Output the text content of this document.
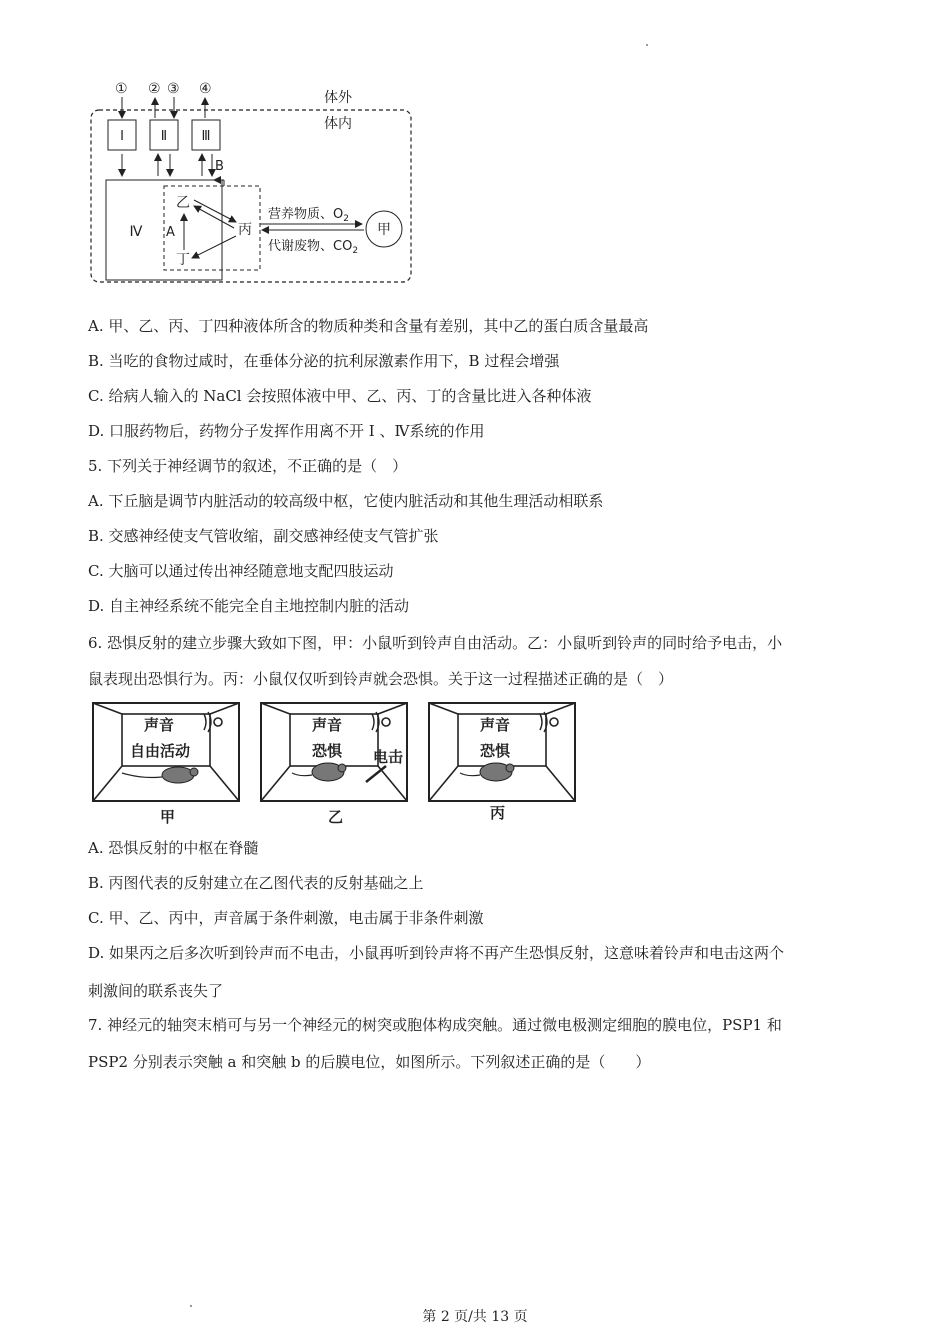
体外
体内
① ② ③ ④
Ⅰ	Ⅱ	Ⅲ
B
Ⅳ
乙
丙
丁
A
营养物质、$O_2$
代谢废物、$CO_2$
甲
A. 甲、乙、丙、丁四种液体所含的物质种类和含量有差别，其中乙的蛋白质含量最高
B. 当吃的食物过咸时，在垂体分泌的抗利尿激素作用下，B 过程会增强
C. 给病人输入的 NaCl 会按照体液中甲、乙、丙、丁的含量比进入各种体液
D. 口服药物后，药物分子发挥作用离不开 Ⅰ 、Ⅳ系统的作用
5. 下列关于神经调节的叙述，不正确的是（　）
A. 下丘脑是调节内脏活动的较高级中枢，它使内脏活动和其他生理活动相联系
B. 交感神经使支气管收缩，副交感神经使支气管扩张
C. 大脑可以通过传出神经随意地支配四肢运动
D. 自主神经系统不能完全自主地控制内脏的活动
6. 恐惧反射的建立步骤大致如下图，甲：小鼠听到铃声自由活动。乙：小鼠听到铃声的同时给予电击，小
鼠表现出恐惧行为。丙：小鼠仅仅听到铃声就会恐惧。关于这一过程描述正确的是（　）
声音
自由活动
甲
声音
恐惧 电击
乙
声音
恐惧
丙
A. 恐惧反射的中枢在脊髓
B. 丙图代表的反射建立在乙图代表的反射基础之上
C. 甲、乙、丙中，声音属于条件刺激，电击属于非条件刺激
D. 如果丙之后多次听到铃声而不电击，小鼠再听到铃声将不再产生恐惧反射，这意味着铃声和电击这两个
刺激间的联系丧失了
7. 神经元的轴突末梢可与另一个神经元的树突或胞体构成突触。通过微电极测定细胞的膜电位，PSP1 和
PSP2 分别表示突触 a 和突触 b 的后膜电位，如图所示。下列叙述正确的是（　　）
第 2 页/共 13 页
